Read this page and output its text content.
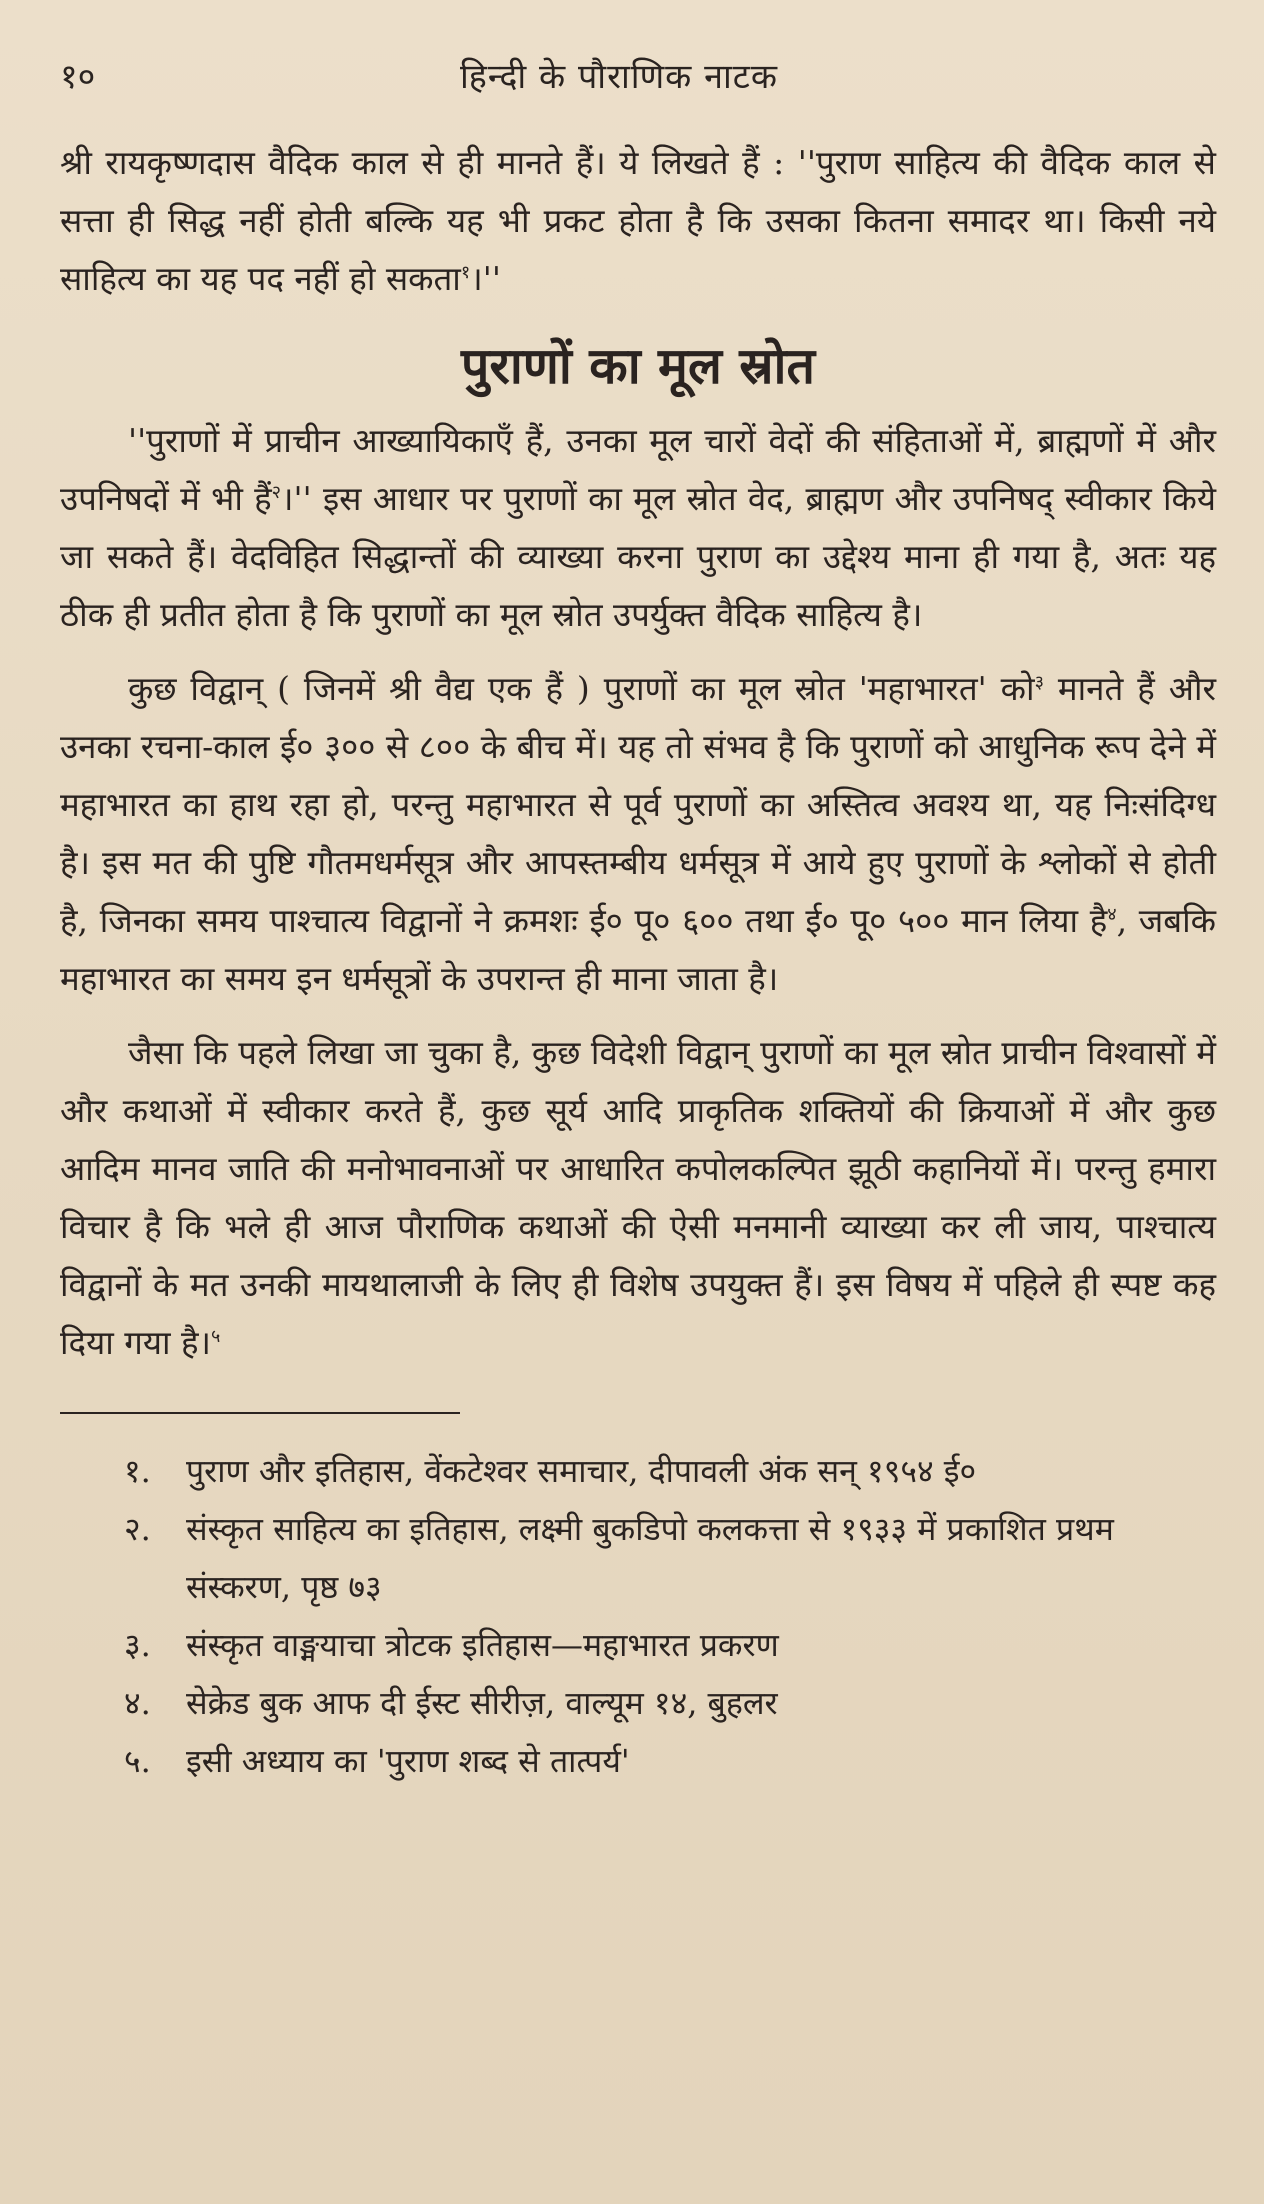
१०	हिन्दी के पौराणिक नाटक

श्री रायकृष्णदास वैदिक काल से ही मानते हैं। ये लिखते हैं : ''पुराण साहित्य की वैदिक काल से सत्ता ही सिद्ध नहीं होती बल्कि यह भी प्रकट होता है कि उसका कितना समादर था। किसी नये साहित्य का यह पद नहीं हो सकता$^१$।''

पुराणों का मूल स्रोत

''पुराणों में प्राचीन आख्यायिकाएँ हैं, उनका मूल चारों वेदों की संहिताओं में, ब्राह्मणों में और उपनिषदों में भी हैं$^२$।'' इस आधार पर पुराणों का मूल स्रोत वेद, ब्राह्मण और उपनिषद् स्वीकार किये जा सकते हैं। वेदविहित सिद्धान्तों की व्याख्या करना पुराण का उद्देश्य माना ही गया है, अतः यह ठीक ही प्रतीत होता है कि पुराणों का मूल स्रोत उपर्युक्त वैदिक साहित्य है।

कुछ विद्वान् ( जिनमें श्री वैद्य एक हैं ) पुराणों का मूल स्रोत 'महाभारत' को$^३$ मानते हैं और उनका रचना-काल ई० ३०० से ८०० के बीच में। यह तो संभव है कि पुराणों को आधुनिक रूप देने में महाभारत का हाथ रहा हो, परन्तु महाभारत से पूर्व पुराणों का अस्तित्व अवश्य था, यह निःसंदिग्ध है। इस मत की पुष्टि गौतमधर्मसूत्र और आपस्तम्बीय धर्मसूत्र में आये हुए पुराणों के श्लोकों से होती है, जिनका समय पाश्चात्य विद्वानों ने क्रमशः ई० पू० ६०० तथा ई० पू० ५०० मान लिया है$^४$, जबकि महाभारत का समय इन धर्मसूत्रों के उपरान्त ही माना जाता है।

जैसा कि पहले लिखा जा चुका है, कुछ विदेशी विद्वान् पुराणों का मूल स्रोत प्राचीन विश्वासों में और कथाओं में स्वीकार करते हैं, कुछ सूर्य आदि प्राकृतिक शक्तियों की क्रियाओं में और कुछ आदिम मानव जाति की मनोभावनाओं पर आधारित कपोलकल्पित झूठी कहानियों में। परन्तु हमारा विचार है कि भले ही आज पौराणिक कथाओं की ऐसी मनमानी व्याख्या कर ली जाय, पाश्चात्य विद्वानों के मत उनकी मायथालाजी के लिए ही विशेष उपयुक्त हैं। इस विषय में पहिले ही स्पष्ट कह दिया गया है।$^५$

१.	पुराण और इतिहास, वेंकटेश्वर समाचार, दीपावली अंक सन् १९५४ ई०
२.	संस्कृत साहित्य का इतिहास, लक्ष्मी बुकडिपो कलकत्ता से १९३३ में प्रकाशित प्रथम संस्करण, पृष्ठ ७३
३.	संस्कृत वाङ्मयाचा त्रोटक इतिहास—महाभारत प्रकरण
४.	सेक्रेड बुक आफ दी ईस्ट सीरीज़, वाल्यूम १४, बुहलर
५.	इसी अध्याय का 'पुराण शब्द से तात्पर्य'
